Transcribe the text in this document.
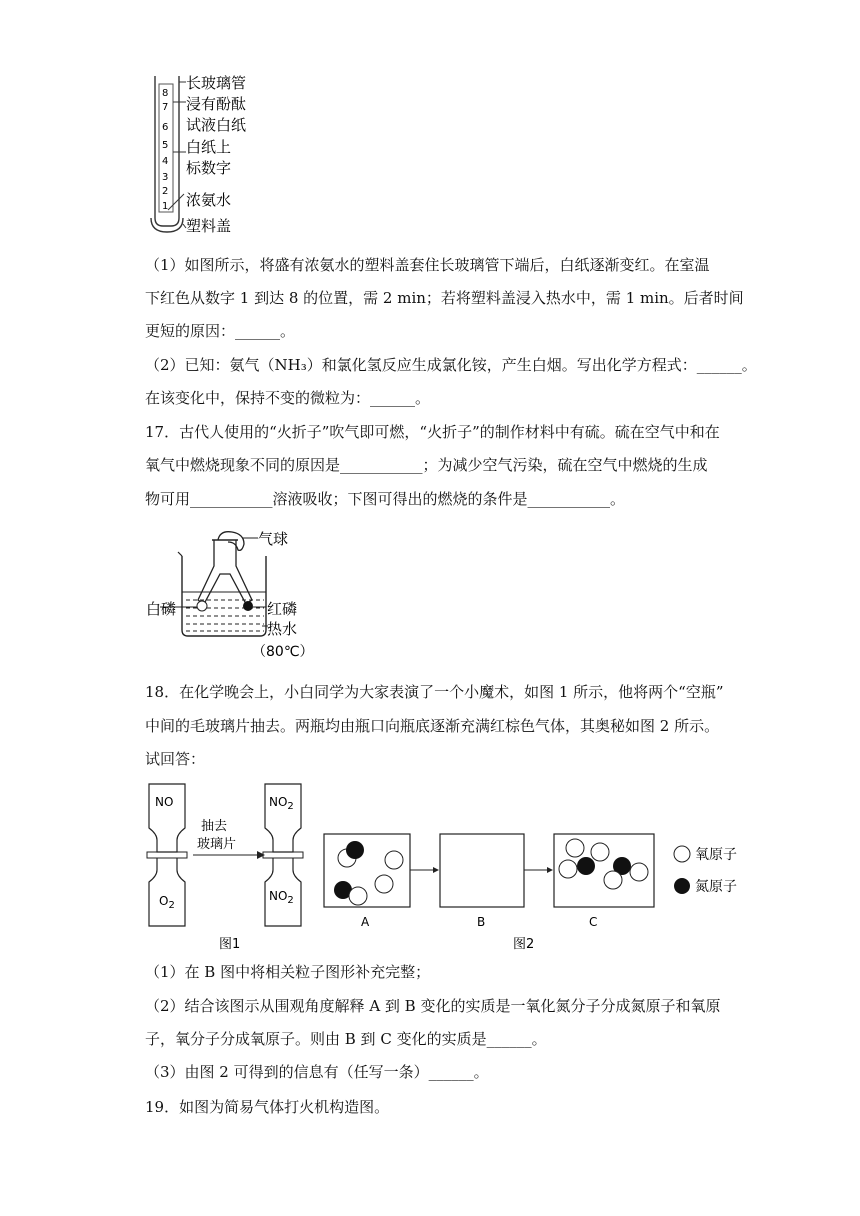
8
7
6
5
4
3
2
1
长玻璃管
浸有酚酞
试液白纸
白纸上
标数字
浓氨水
塑料盖
（1）如图所示，将盛有浓氨水的塑料盖套住长玻璃管下端后，白纸逐渐变红。在室温
下红色从数字 1 到达 8 的位置，需 2 min；若将塑料盖浸入热水中，需 1 min。后者时间
更短的原因：______。
（2）已知：氨气（NH₃）和氯化氢反应生成氯化铵，产生白烟。写出化学方程式：______。
在该变化中，保持不变的微粒为：______。
17．古代人使用的“火折子”吹气即可燃，“火折子”的制作材料中有硫。硫在空气中和在
氧气中燃烧现象不同的原因是___________；为减少空气污染，硫在空气中燃烧的生成
物可用___________溶液吸收；下图可得出的燃烧的条件是___________。
气球
白磷	红磷
热水
（80℃）
18．在化学晚会上，小白同学为大家表演了一个小魔术，如图 1 所示，他将两个“空瓶”
中间的毛玻璃片抽去。两瓶均由瓶口向瓶底逐渐充满红棕色气体，其奥秘如图 2 所示。
试回答：
NO
$O_2$
抽去
玻璃片
$NO_2$
$NO_2$
图1
A	B	C
图2
氧原子
氮原子
（1）在 B 图中将相关粒子图形补充完整；
（2）结合该图示从围观角度解释 A 到 B 变化的实质是一氧化氮分子分成氮原子和氧原
子，氧分子分成氧原子。则由 B 到 C 变化的实质是______。
（3）由图 2 可得到的信息有（任写一条）______。
19．如图为简易气体打火机构造图。
